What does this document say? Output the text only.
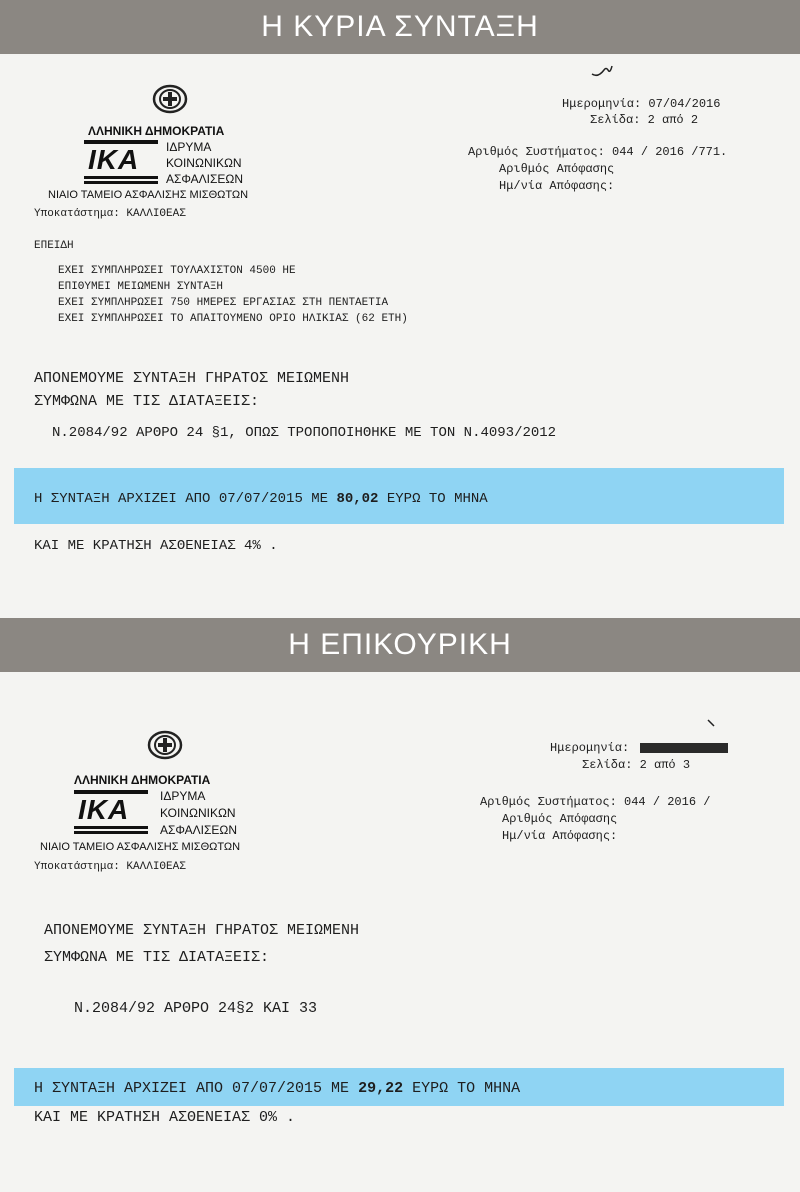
Η ΚΥΡΙΑ ΣΥΝΤΑΞΗ
ΛΛΗΝΙΚΗ ΔΗΜΟΚΡΑΤΙΑ
ΙΚΑ ΙΔΡΥΜΑ
ΚΟΙΝΩΝΙΚΩΝ
ΑΣΦΑΛΙΣΕΩΝ
ΝΙΑΙΟ ΤΑΜΕΙΟ ΑΣΦΑΛΙΣΗΣ ΜΙΣΘΩΤΩΝ
Υποκατάστημα: ΚΑΛΛΙΘΕΑΣ
Ημερομηνία: 07/04/2016
Σελίδα: 2 από 2
Αριθμός Συστήματος: 044 / 2016 /771.
Αριθμός Απόφασης
Ημ/νία Απόφασης:
ΕΠΕΙΔΗ
ΕΧΕΙ ΣΥΜΠΛΗΡΩΣΕΙ ΤΟΥΛΑΧΙΣΤΟΝ 4500 ΗΕ
ΕΠΙΘΥΜΕΙ ΜΕΙΩΜΕΝΗ ΣΥΝΤΑΞΗ
ΕΧΕΙ ΣΥΜΠΛΗΡΩΣΕΙ 750 ΗΜΕΡΕΣ ΕΡΓΑΣΙΑΣ ΣΤΗ ΠΕΝΤΑΕΤΙΑ
ΕΧΕΙ ΣΥΜΠΛΗΡΩΣΕΙ ΤΟ ΑΠΑΙΤΟΥΜΕΝΟ ΟΡΙΟ ΗΛΙΚΙΑΣ (62 ΕΤΗ)
ΑΠΟΝΕΜΟΥΜΕ ΣΥΝΤΑΞΗ ΓΗΡΑΤΟΣ ΜΕΙΩΜΕΝΗ
ΣΥΜΦΩΝΑ ΜΕ ΤΙΣ ΔΙΑΤΑΞΕΙΣ:
Ν.2084/92 ΑΡΘΡΟ 24 §1, ΟΠΩΣ ΤΡΟΠΟΠΟΙΗΘΗΚΕ ΜΕ ΤΟΝ Ν.4093/2012
Η ΣΥΝΤΑΞΗ ΑΡΧΙΖΕΙ ΑΠΟ 07/07/2015 ΜΕ 80,02 ΕΥΡΩ ΤΟ ΜΗΝΑ
ΚΑΙ ΜΕ ΚΡΑΤΗΣΗ ΑΣΘΕΝΕΙΑΣ 4% .
Η ΕΠΙΚΟΥΡΙΚΗ
ΛΛΗΝΙΚΗ ΔΗΜΟΚΡΑΤΙΑ
ΙΚΑ	ΙΔΡΥΜΑ
ΚΟΙΝΩΝΙΚΩΝ
ΑΣΦΑΛΙΣΕΩΝ
ΝΙΑΙΟ ΤΑΜΕΙΟ ΑΣΦΑΛΙΣΗΣ ΜΙΣΘΩΤΩΝ
Υποκατάστημα: ΚΑΛΛΙΘΕΑΣ
Ημερομηνία:
Σελίδα: 2 από 3
Αριθμός Συστήματος: 044 / 2016 /
Αριθμός Απόφασης
Ημ/νία Απόφασης:
ΑΠΟΝΕΜΟΥΜΕ ΣΥΝΤΑΞΗ ΓΗΡΑΤΟΣ ΜΕΙΩΜΕΝΗ
ΣΥΜΦΩΝΑ ΜΕ ΤΙΣ ΔΙΑΤΑΞΕΙΣ:
Ν.2084/92 ΑΡΘΡΟ 24§2 ΚΑΙ 33
Η ΣΥΝΤΑΞΗ ΑΡΧΙΖΕΙ ΑΠΟ 07/07/2015 ΜΕ 29,22 ΕΥΡΩ ΤΟ ΜΗΝΑ
ΚΑΙ ΜΕ ΚΡΑΤΗΣΗ ΑΣΘΕΝΕΙΑΣ 0% .
